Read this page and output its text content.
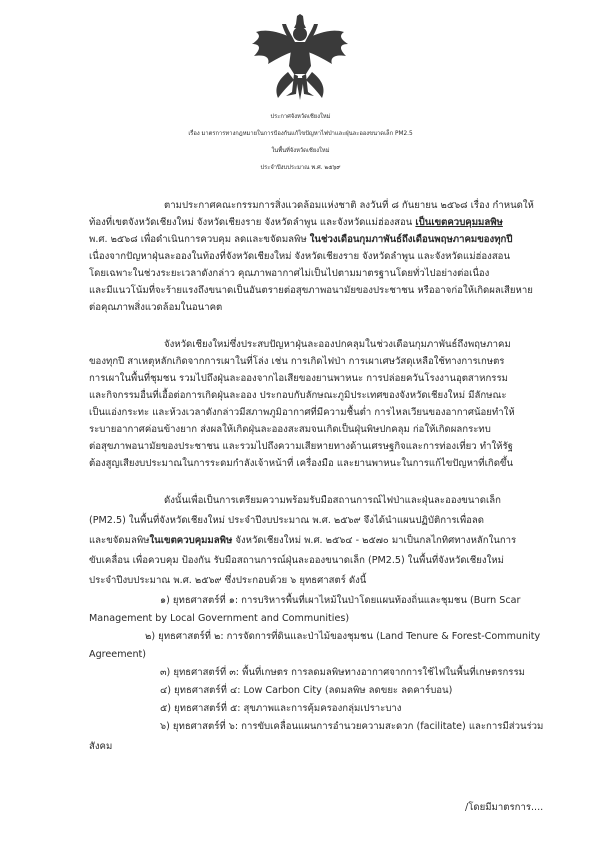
ประกาศจังหวัดเชียงใหม่
เรื่อง มาตรการทางกฎหมายในการป้องกันแก้ไขปัญหาไฟป่าและฝุ่นละอองขนาดเล็ก PM2.5
ในพื้นที่จังหวัดเชียงใหม่
ประจำปีงบประมาณ พ.ศ. ๒๕๖๙
ตามประกาศคณะกรรมการสิ่งแวดล้อมแห่งชาติ ลงวันที่ ๘ กันยายน ๒๕๖๘ เรื่อง กำหนดให้
ท้องที่เขตจังหวัดเชียงใหม่ จังหวัดเชียงราย จังหวัดลำพูน และจังหวัดแม่ฮ่องสอน เป็นเขตควบคุมมลพิษ
พ.ศ. ๒๕๖๘ เพื่อดำเนินการควบคุม ลดและขจัดมลพิษ ในช่วงเดือนกุมภาพันธ์ถึงเดือนพฤษภาคมของทุกปี
เนื่องจากปัญหาฝุ่นละอองในท้องที่จังหวัดเชียงใหม่ จังหวัดเชียงราย จังหวัดลำพูน และจังหวัดแม่ฮ่องสอน
โดยเฉพาะในช่วงระยะเวลาดังกล่าว คุณภาพอากาศไม่เป็นไปตามมาตรฐานโดยทั่วไปอย่างต่อเนื่อง
และมีแนวโน้มที่จะร้ายแรงถึงขนาดเป็นอันตรายต่อสุขภาพอนามัยของประชาชน หรืออาจก่อให้เกิดผลเสียหาย
ต่อคุณภาพสิ่งแวดล้อมในอนาคต
จังหวัดเชียงใหม่ซึ่งประสบปัญหาฝุ่นละอองปกคลุมในช่วงเดือนกุมภาพันธ์ถึงพฤษภาคม
ของทุกปี สาเหตุหลักเกิดจากการเผาในที่โล่ง เช่น การเกิดไฟป่า การเผาเศษวัสดุเหลือใช้ทางการเกษตร
การเผาในพื้นที่ชุมชน รวมไปถึงฝุ่นละอองจากไอเสียของยานพาหนะ การปล่อยควันโรงงานอุตสาหกรรม
และกิจกรรมอื่นที่เอื้อต่อการเกิดฝุ่นละออง ประกอบกับลักษณะภูมิประเทศของจังหวัดเชียงใหม่ มีลักษณะ
เป็นแอ่งกระทะ และห้วงเวลาดังกล่าวมีสภาพภูมิอากาศที่มีความชื้นต่ำ การไหลเวียนของอากาศน้อยทำให้
ระบายอากาศค่อนข้างยาก ส่งผลให้เกิดฝุ่นละอองสะสมจนเกิดเป็นฝุ่นพิษปกคลุม ก่อให้เกิดผลกระทบ
ต่อสุขภาพอนามัยของประชาชน และรวมไปถึงความเสียหายทางด้านเศรษฐกิจและการท่องเที่ยว ทำให้รัฐ
ต้องสูญเสียงบประมาณในการระดมกำลังเจ้าหน้าที่ เครื่องมือ และยานพาหนะในการแก้ไขปัญหาที่เกิดขึ้น
ดังนั้นเพื่อเป็นการเตรียมความพร้อมรับมือสถานการณ์ไฟป่าและฝุ่นละอองขนาดเล็ก
(PM2.5) ในพื้นที่จังหวัดเชียงใหม่ ประจำปีงบประมาณ พ.ศ. ๒๕๖๙ จึงได้นำแผนปฏิบัติการเพื่อลด
และขจัดมลพิษในเขตควบคุมมลพิษ จังหวัดเชียงใหม่ พ.ศ. ๒๕๖๔ - ๒๕๗๐ มาเป็นกลไกทิศทางหลักในการ
ขับเคลื่อน เพื่อควบคุม ป้องกัน รับมือสถานการณ์ฝุ่นละอองขนาดเล็ก (PM2.5) ในพื้นที่จังหวัดเชียงใหม่
ประจำปีงบประมาณ พ.ศ. ๒๕๖๙ ซึ่งประกอบด้วย ๖ ยุทธศาสตร์ ดังนี้
๑) ยุทธศาสตร์ที่ ๑: การบริหารพื้นที่เผาไหม้ในป่าโดยแผนท้องถิ่นและชุมชน (Burn Scar
Management by Local Government and Communities)
๒) ยุทธศาสตร์ที่ ๒: การจัดการที่ดินและป่าไม้ของชุมชน (Land Tenure & Forest-Community
Agreement)
๓) ยุทธศาสตร์ที่ ๓: พื้นที่เกษตร การลดมลพิษทางอากาศจากการใช้ไฟในพื้นที่เกษตรกรรม
๔) ยุทธศาสตร์ที่ ๔: Low Carbon City (ลดมลพิษ ลดขยะ ลดคาร์บอน)
๕) ยุทธศาสตร์ที่ ๕: สุขภาพและการคุ้มครองกลุ่มเปราะบาง
๖) ยุทธศาสตร์ที่ ๖: การขับเคลื่อนแผนการอำนวยความสะดวก (facilitate) และการมีส่วนร่วม
สังคม
/โดยมีมาตรการ....
